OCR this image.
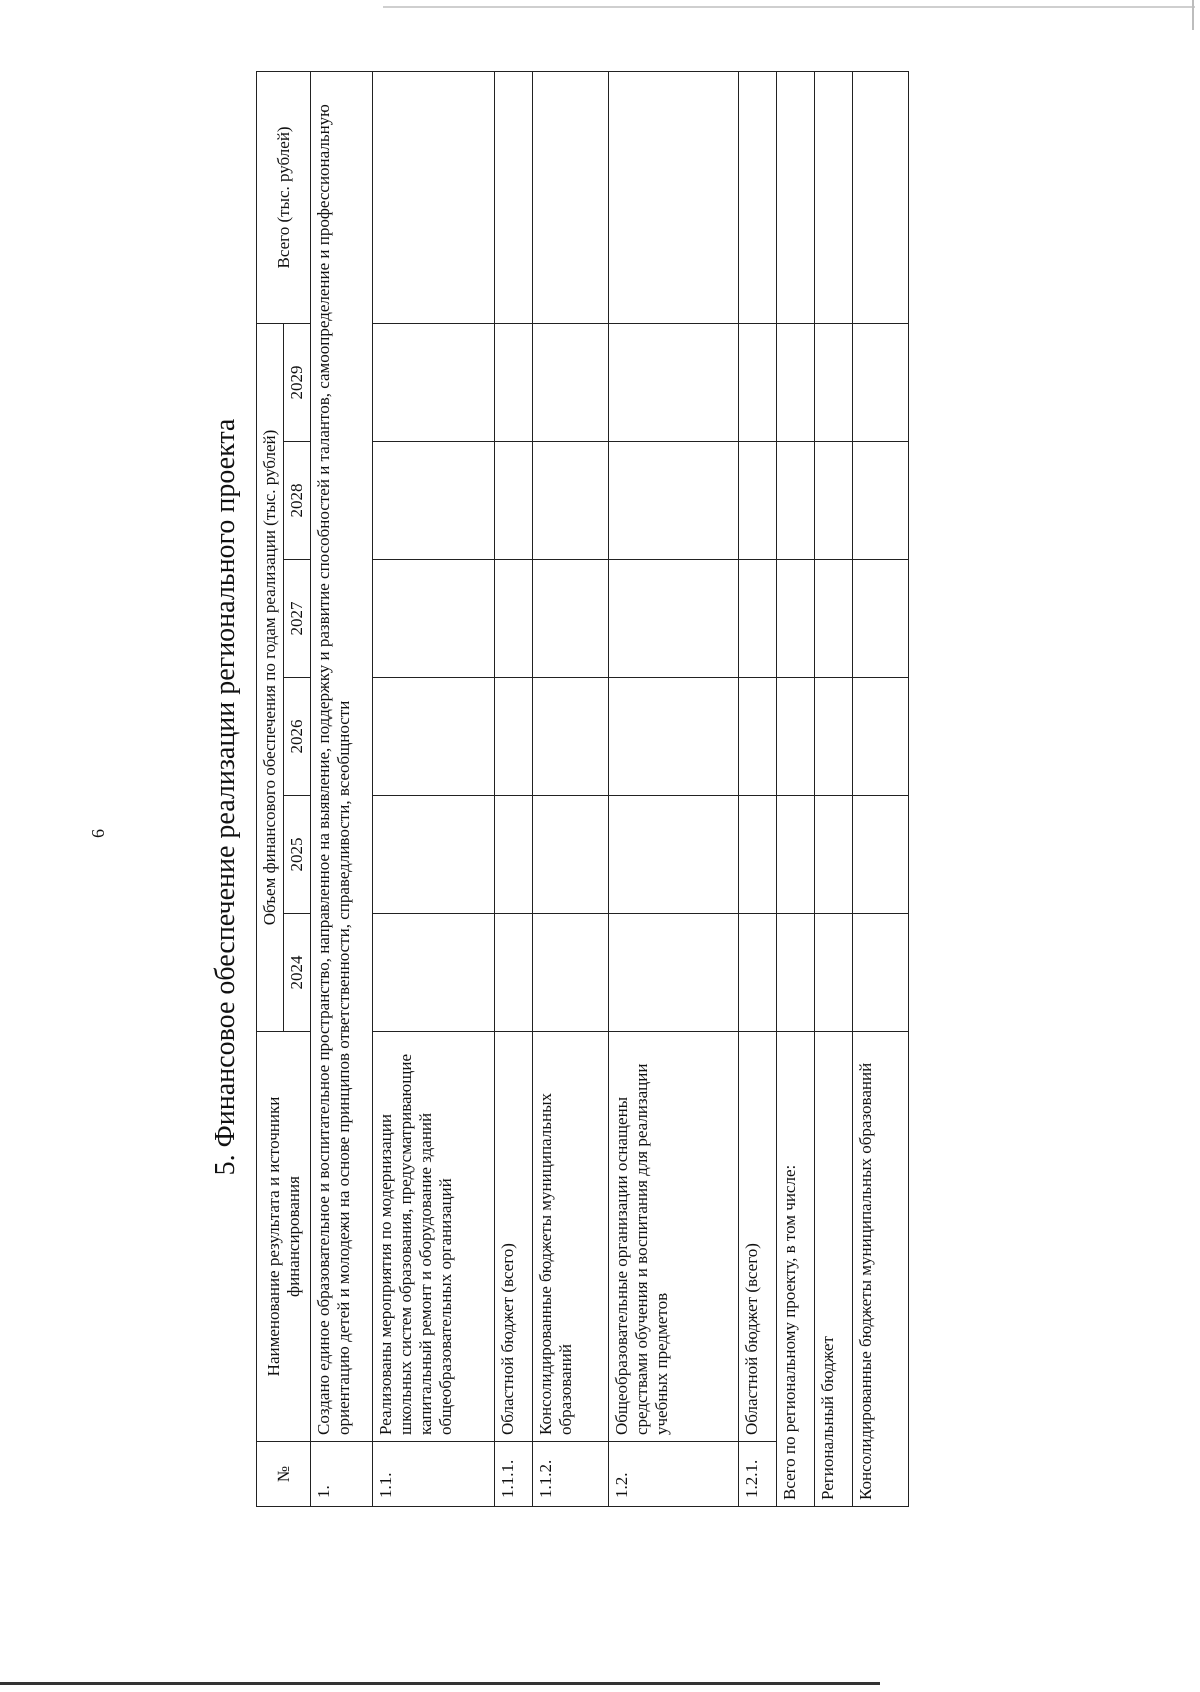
6	5. Финансовое обеспечение реализации регионального проекта
№	Наименование результата и источники финансирования	Объем финансового обеспечения по годам реализации (тыс. рублей)						Всего (тыс. рублей)
		2024	2025	2026	2027	2028	2029	
1.	Создано единое образовательное и воспитательное пространство, направленное на выявление, поддержку и развитие способностей и талантов, самоопределение и профессиональную ориентацию детей и молодежи на основе принципов ответственности, справедливости, всеобщности							
1.1.	Реализованы мероприятия по модернизации школьных систем образования, предусматривающие капитальный ремонт и оборудование зданий общеобразовательных организаций							
1.1.1.	Областной бюджет (всего)							
1.1.2.	Консолидированные бюджеты муниципальных образований							
1.2.	Общеобразовательные организации оснащены средствами обучения и воспитания для реализации учебных предметов							
1.2.1.	Областной бюджет (всего)							
Всего по региональному проекту, в том числе:								
Региональный бюджет								
Консолидированные бюджеты муниципальных образований								
